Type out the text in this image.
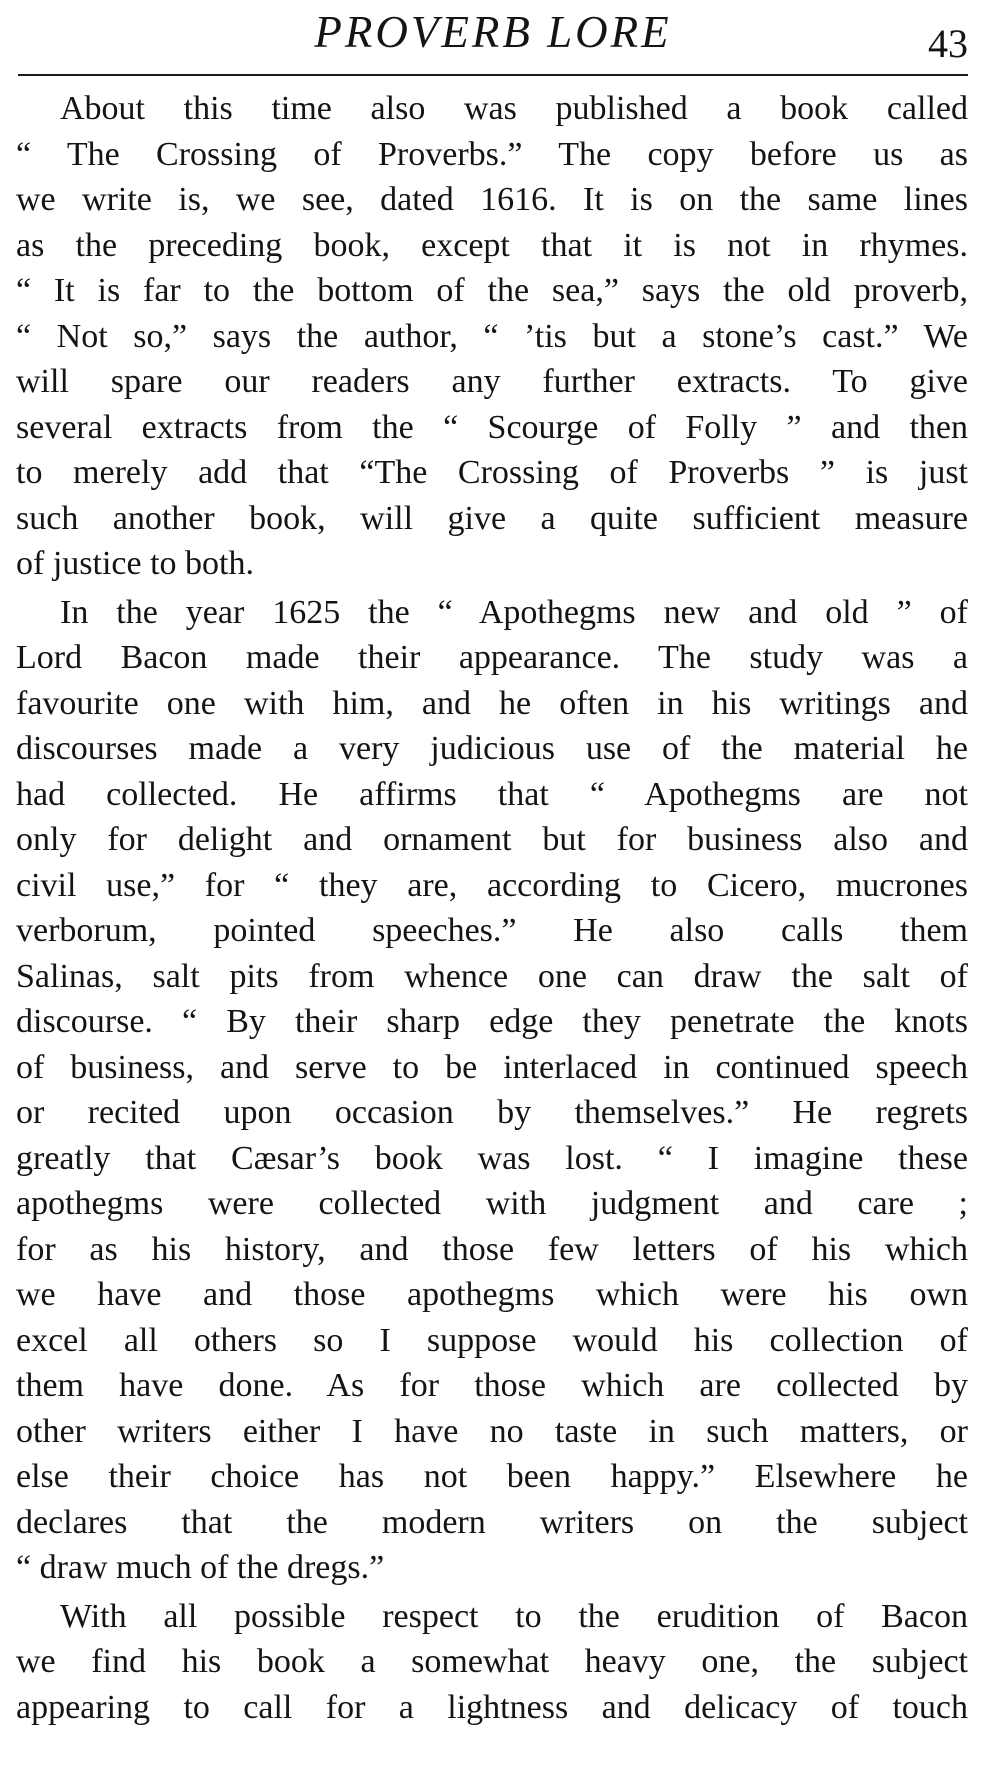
PROVERB LORE	43
About this time also was published a book called
“ The Crossing of Proverbs.” The copy before us as
we write is, we see, dated 1616. It is on the same lines
as the preceding book, except that it is not in rhymes.
“ It is far to the bottom of the sea,” says the old proverb,
“ Not so,” says the author, “ ’tis but a stone’s cast.” We
will spare our readers any further extracts. To give
several extracts from the “ Scourge of Folly ” and then
to merely add that “The Crossing of Proverbs ” is just
such another book, will give a quite sufficient measure
of justice to both.
In the year 1625 the “ Apothegms new and old ” of
Lord Bacon made their appearance. The study was a
favourite one with him, and he often in his writings and
discourses made a very judicious use of the material he
had collected. He affirms that “ Apothegms are not
only for delight and ornament but for business also and
civil use,” for “ they are, according to Cicero, mucrones
verborum, pointed speeches.” He also calls them
Salinas, salt pits from whence one can draw the salt of
discourse. “ By their sharp edge they penetrate the knots
of business, and serve to be interlaced in continued speech
or recited upon occasion by themselves.” He regrets
greatly that Cæsar’s book was lost. “ I imagine these
apothegms were collected with judgment and care ;
for as his history, and those few letters of his which
we have and those apothegms which were his own
excel all others so I suppose would his collection of
them have done. As for those which are collected by
other writers either I have no taste in such matters, or
else their choice has not been happy.” Elsewhere he
declares that the modern writers on the subject
“ draw much of the dregs.”
With all possible respect to the erudition of Bacon
we find his book a somewhat heavy one, the subject
appearing to call for a lightness and delicacy of touch
